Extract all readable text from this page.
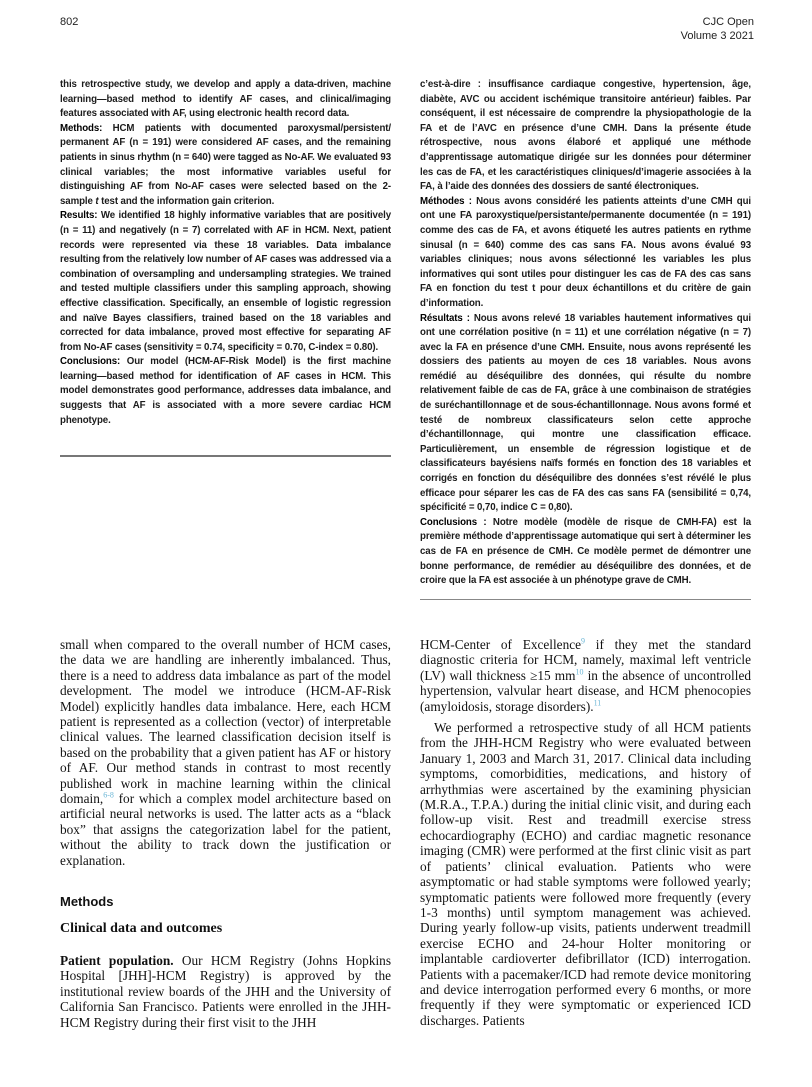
802	CJC Open
Volume 3 2021

this retrospective study, we develop and apply a data-driven, machine learning—based method to identify AF cases, and clinical/imaging features associated with AF, using electronic health record data.

Methods: HCM patients with documented paroxysmal/persistent/ permanent AF (n = 191) were considered AF cases, and the remaining patients in sinus rhythm (n = 640) were tagged as No-AF. We evaluated 93 clinical variables; the most informative variables useful for distinguishing AF from No-AF cases were selected based on the 2-sample t test and the information gain criterion.

Results: We identified 18 highly informative variables that are positively (n = 11) and negatively (n = 7) correlated with AF in HCM. Next, patient records were represented via these 18 variables. Data imbalance resulting from the relatively low number of AF cases was addressed via a combination of oversampling and undersampling strategies. We trained and tested multiple classifiers under this sampling approach, showing effective classification. Specifically, an ensemble of logistic regression and naïve Bayes classifiers, trained based on the 18 variables and corrected for data imbalance, proved most effective for separating AF from No-AF cases (sensitivity = 0.74, specificity = 0.70, C-index = 0.80).

Conclusions: Our model (HCM-AF-Risk Model) is the first machine learning—based method for identification of AF cases in HCM. This model demonstrates good performance, addresses data imbalance, and suggests that AF is associated with a more severe cardiac HCM phenotype.

c’est-à-dire : insuffisance cardiaque congestive, hypertension, âge, diabète, AVC ou accident ischémique transitoire antérieur) faibles. Par conséquent, il est nécessaire de comprendre la physiopathologie de la FA et de l’AVC en présence d’une CMH. Dans la présente étude rétrospective, nous avons élaboré et appliqué une méthode d’apprentissage automatique dirigée sur les données pour déterminer les cas de FA, et les caractéristiques cliniques/d’imagerie associées à la FA, à l’aide des données des dossiers de santé électroniques.

Méthodes : Nous avons considéré les patients atteints d’une CMH qui ont une FA paroxystique/persistante/permanente documentée (n = 191) comme des cas de FA, et avons étiqueté les autres patients en rythme sinusal (n = 640) comme des cas sans FA. Nous avons évalué 93 variables cliniques; nous avons sélectionné les variables les plus informatives qui sont utiles pour distinguer les cas de FA des cas sans FA en fonction du test t pour deux échantillons et du critère de gain d’information.

Résultats : Nous avons relevé 18 variables hautement informatives qui ont une corrélation positive (n = 11) et une corrélation négative (n = 7) avec la FA en présence d’une CMH. Ensuite, nous avons représenté les dossiers des patients au moyen de ces 18 variables. Nous avons remédié au déséquilibre des données, qui résulte du nombre relativement faible de cas de FA, grâce à une combinaison de stratégies de suréchantillonnage et de sous-échantillonnage. Nous avons formé et testé de nombreux classificateurs selon cette approche d’échantillonnage, qui montre une classification efficace. Particulièrement, un ensemble de régression logistique et de classificateurs bayésiens naïfs formés en fonction des 18 variables et corrigés en fonction du déséquilibre des données s’est révélé le plus efficace pour séparer les cas de FA des cas sans FA (sensibilité = 0,74, spécificité = 0,70, indice C = 0,80).

Conclusions : Notre modèle (modèle de risque de CMH-FA) est la première méthode d’apprentissage automatique qui sert à déterminer les cas de FA en présence de CMH. Ce modèle permet de démontrer une bonne performance, de remédier au déséquilibre des données, et de croire que la FA est associée à un phénotype grave de CMH.

small when compared to the overall number of HCM cases, the data we are handling are inherently imbalanced. Thus, there is a need to address data imbalance as part of the model development. The model we introduce (HCM-AF-Risk Model) explicitly handles data imbalance. Here, each HCM patient is represented as a collection (vector) of interpretable clinical values. The learned classification decision itself is based on the probability that a given patient has AF or history of AF. Our method stands in contrast to most recently published work in machine learning within the clinical domain,$^{6-8}$ for which a complex model architecture based on artificial neural networks is used. The latter acts as a “black box” that assigns the categorization label for the patient, without the ability to track down the justification or explanation.

Methods

Clinical data and outcomes

Patient population. Our HCM Registry (Johns Hopkins Hospital [JHH]-HCM Registry) is approved by the institutional review boards of the JHH and the University of California San Francisco. Patients were enrolled in the JHH-HCM Registry during their first visit to the JHH

HCM-Center of Excellence$^9$ if they met the standard diagnostic criteria for HCM, namely, maximal left ventricle (LV) wall thickness ≥15 $mm^{10}$ in the absence of uncontrolled hypertension, valvular heart disease, and HCM phenocopies (amyloidosis, storage disorders).$^{11}$

We performed a retrospective study of all HCM patients from the JHH-HCM Registry who were evaluated between January 1, 2003 and March 31, 2017. Clinical data including symptoms, comorbidities, medications, and history of arrhythmias were ascertained by the examining physician (M.R.A., T.P.A.) during the initial clinic visit, and during each follow-up visit. Rest and treadmill exercise stress echocardiography (ECHO) and cardiac magnetic resonance imaging (CMR) were performed at the first clinic visit as part of patients’ clinical evaluation. Patients who were asymptomatic or had stable symptoms were followed yearly; symptomatic patients were followed more frequently (every 1-3 months) until symptom management was achieved. During yearly follow-up visits, patients underwent treadmill exercise ECHO and 24-hour Holter monitoring or implantable cardioverter defibrillator (ICD) interrogation. Patients with a pacemaker/ICD had remote device monitoring and device interrogation performed every 6 months, or more frequently if they were symptomatic or experienced ICD discharges. Patients
